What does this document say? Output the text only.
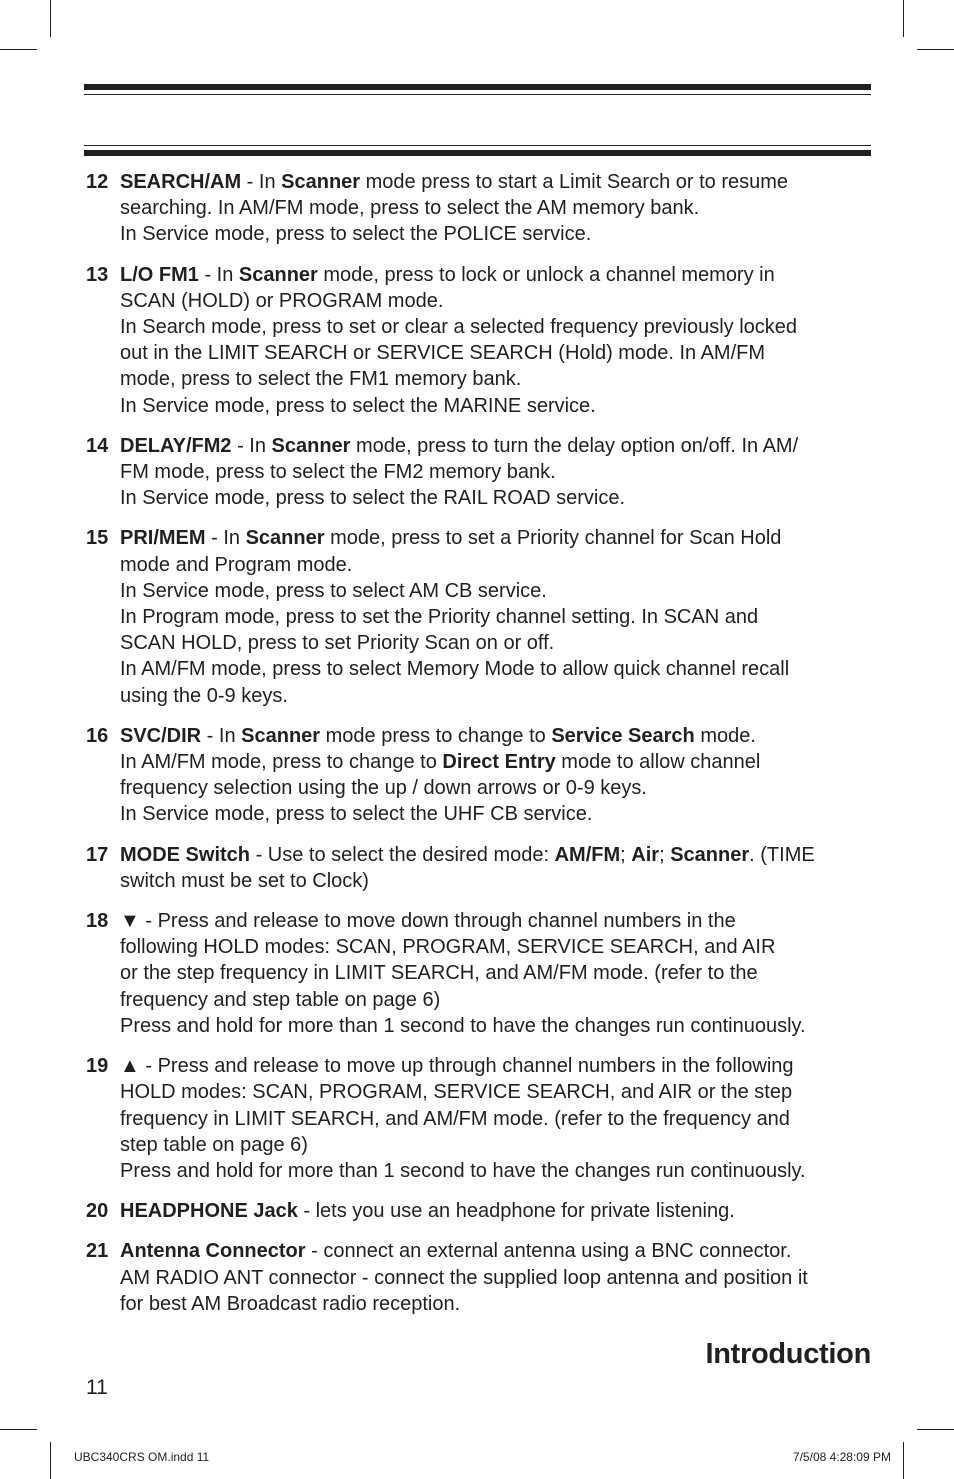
12 SEARCH/AM - In Scanner mode press to start a Limit Search or to resume
searching. In AM/FM mode, press to select the AM memory bank.
In Service mode, press to select the POLICE service.
13 L/O FM1 - In Scanner mode, press to lock or unlock a channel memory in
SCAN (HOLD) or PROGRAM mode.
In Search mode, press to set or clear a selected frequency previously locked
out in the LIMIT SEARCH or SERVICE SEARCH (Hold) mode. In AM/FM
mode, press to select the FM1 memory bank.
In Service mode, press to select the MARINE service.
14 DELAY/FM2 - In Scanner mode, press to turn the delay option on/off. In AM/
FM mode, press to select the FM2 memory bank.
In Service mode, press to select the RAIL ROAD service.
15 PRI/MEM - In Scanner mode, press to set a Priority channel for Scan Hold
mode and Program mode.
In Service mode, press to select AM CB service.
In Program mode, press to set the Priority channel setting. In SCAN and
SCAN HOLD, press to set Priority Scan on or off.
In AM/FM mode, press to select Memory Mode to allow quick channel recall
using the 0-9 keys.
16 SVC/DIR - In Scanner mode press to change to Service Search mode.
In AM/FM mode, press to change to Direct Entry mode to allow channel
frequency selection using the up / down arrows or 0-9 keys.
In Service mode, press to select the UHF CB service.
17 MODE Switch - Use to select the desired mode: AM/FM; Air; Scanner. (TIME
switch must be set to Clock)
18 ▼ - Press and release to move down through channel numbers in the
following HOLD modes: SCAN, PROGRAM, SERVICE SEARCH, and AIR
or the step frequency in LIMIT SEARCH, and AM/FM mode. (refer to the
frequency and step table on page 6)
Press and hold for more than 1 second to have the changes run continuously.
19 ▲ - Press and release to move up through channel numbers in the following
HOLD modes: SCAN, PROGRAM, SERVICE SEARCH, and AIR or the step
frequency in LIMIT SEARCH, and AM/FM mode. (refer to the frequency and
step table on page 6)
Press and hold for more than 1 second to have the changes run continuously.
20 HEADPHONE Jack - lets you use an headphone for private listening.
21 Antenna Connector - connect an external antenna using a BNC connector.
AM RADIO ANT connector - connect the supplied loop antenna and position it
for best AM Broadcast radio reception.
Introduction
11
UBC340CRS OM.indd 11	7/5/08 4:28:09 PM
